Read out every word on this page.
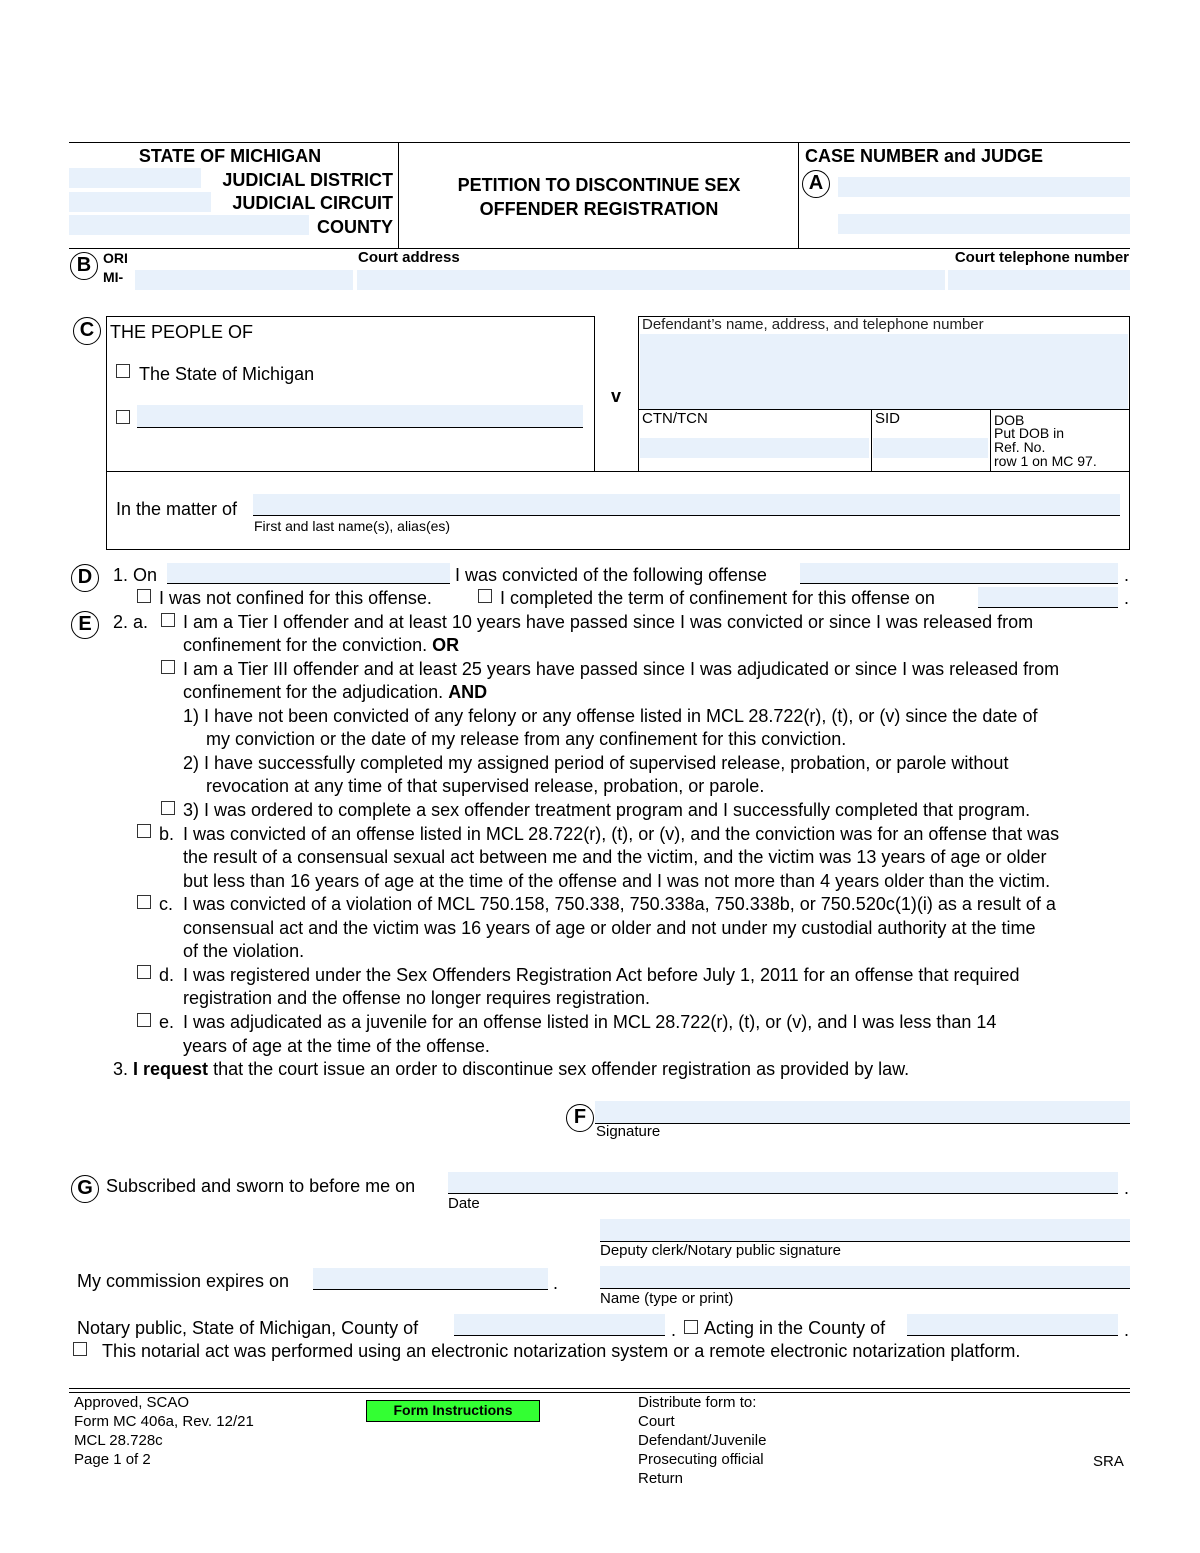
STATE OF MICHIGAN
JUDICIAL DISTRICT
JUDICIAL CIRCUIT
COUNTY
PETITION TO DISCONTINUE SEX
OFFENDER REGISTRATION
CASE NUMBER and JUDGE
A
B ORI
MI-
Court address	Court telephone number
C THE PEOPLE OF
The State of Michigan
v
Defendant’s name, address, and telephone number
CTN/TCN	SID	DOB
Put DOB in
Ref. No.
row 1 on MC 97.
In the matter of
First and last name(s), alias(es)
D	1. On	I was convicted of the following offense	.
I was not confined for this offense.	I completed the term of confinement for this offense on	.
E	2. a. I am a Tier I offender and at least 10 years have passed since I was convicted or since I was released from
confinement for the conviction. OR
I am a Tier III offender and at least 25 years have passed since I was adjudicated or since I was released from
confinement for the adjudication. AND
1) I have not been convicted of any felony or any offense listed in MCL 28.722(r), (t), or (v) since the date of
my conviction or the date of my release from any confinement for this conviction.
2) I have successfully completed my assigned period of supervised release, probation, or parole without
revocation at any time of that supervised release, probation, or parole.
3) I was ordered to complete a sex offender treatment program and I successfully completed that program.
b. I was convicted of an offense listed in MCL 28.722(r), (t), or (v), and the conviction was for an offense that was
the result of a consensual sexual act between me and the victim, and the victim was 13 years of age or older
but less than 16 years of age at the time of the offense and I was not more than 4 years older than the victim.
c. I was convicted of a violation of MCL 750.158, 750.338, 750.338a, 750.338b, or 750.520c(1)(i) as a result of a
consensual act and the victim was 16 years of age or older and not under my custodial authority at the time
of the violation.
d. I was registered under the Sex Offenders Registration Act before July 1, 2011 for an offense that required
registration and the offense no longer requires registration.
e. I was adjudicated as a juvenile for an offense listed in MCL 28.722(r), (t), or (v), and I was less than 14
years of age at the time of the offense.
3. I request that the court issue an order to discontinue sex offender registration as provided by law.
F
Signature
G Subscribed and sworn to before me on	.
Date
Deputy clerk/Notary public signature
My commission expires on	.
Name (type or print)
Notary public, State of Michigan, County of	. Acting in the County of	.
This notarial act was performed using an electronic notarization system or a remote electronic notarization platform.
Approved, SCAO
Form MC 406a, Rev. 12/21
MCL 28.728c
Page 1 of 2
Form Instructions	Distribute form to:
Court
Defendant/Juvenile
Prosecuting official
Return
SRA
